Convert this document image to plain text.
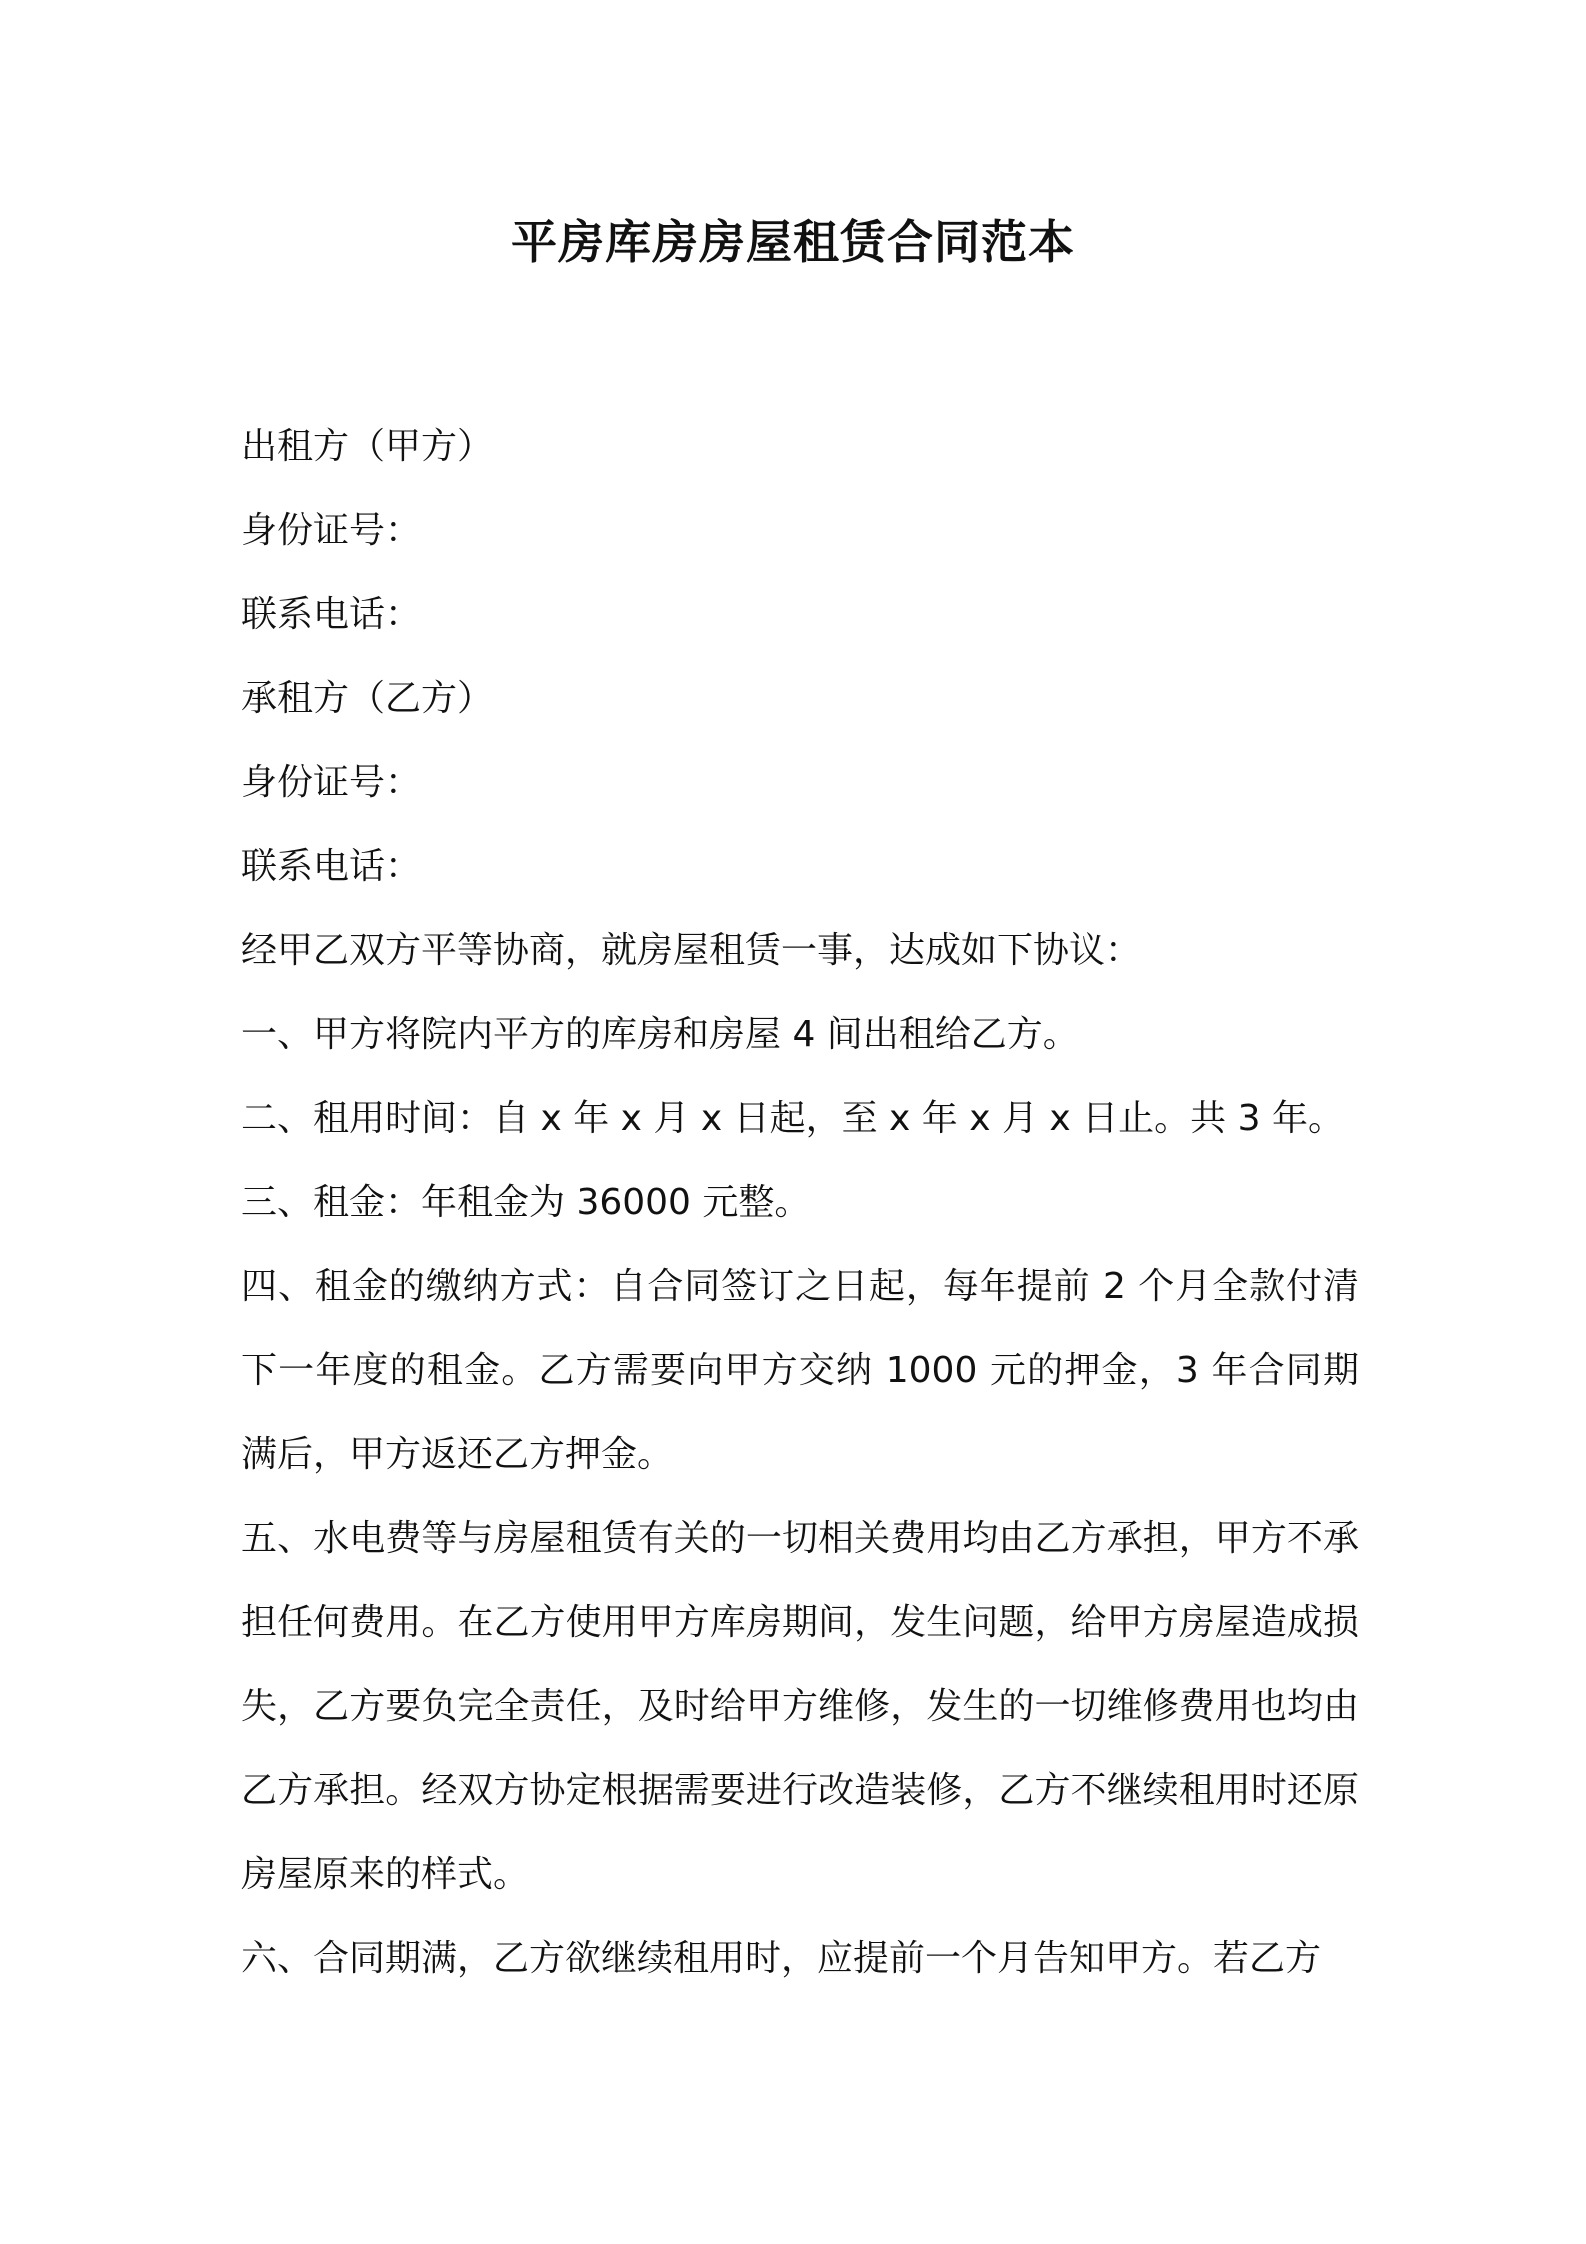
平房库房房屋租赁合同范本
出租方（甲方）
身份证号：
联系电话：
承租方（乙方）
身份证号：
联系电话：
经甲乙双方平等协商，就房屋租赁一事，达成如下协议：
一、甲方将院内平方的库房和房屋 4 间出租给乙方。
二、租用时间：自 x 年 x 月 x 日起，至 x 年 x 月 x 日止。共 3 年。
三、租金：年租金为 36000 元整。
四、租金的缴纳方式：自合同签订之日起，每年提前 2 个月全款付清下一年度的租金。乙方需要向甲方交纳 1000 元的押金，3 年合同期满后，甲方返还乙方押金。
五、水电费等与房屋租赁有关的一切相关费用均由乙方承担，甲方不承担任何费用。在乙方使用甲方库房期间，发生问题，给甲方房屋造成损失，乙方要负完全责任，及时给甲方维修，发生的一切维修费用也均由乙方承担。经双方协定根据需要进行改造装修，乙方不继续租用时还原房屋原来的样式。
六、合同期满，乙方欲继续租用时，应提前一个月告知甲方。若乙方
